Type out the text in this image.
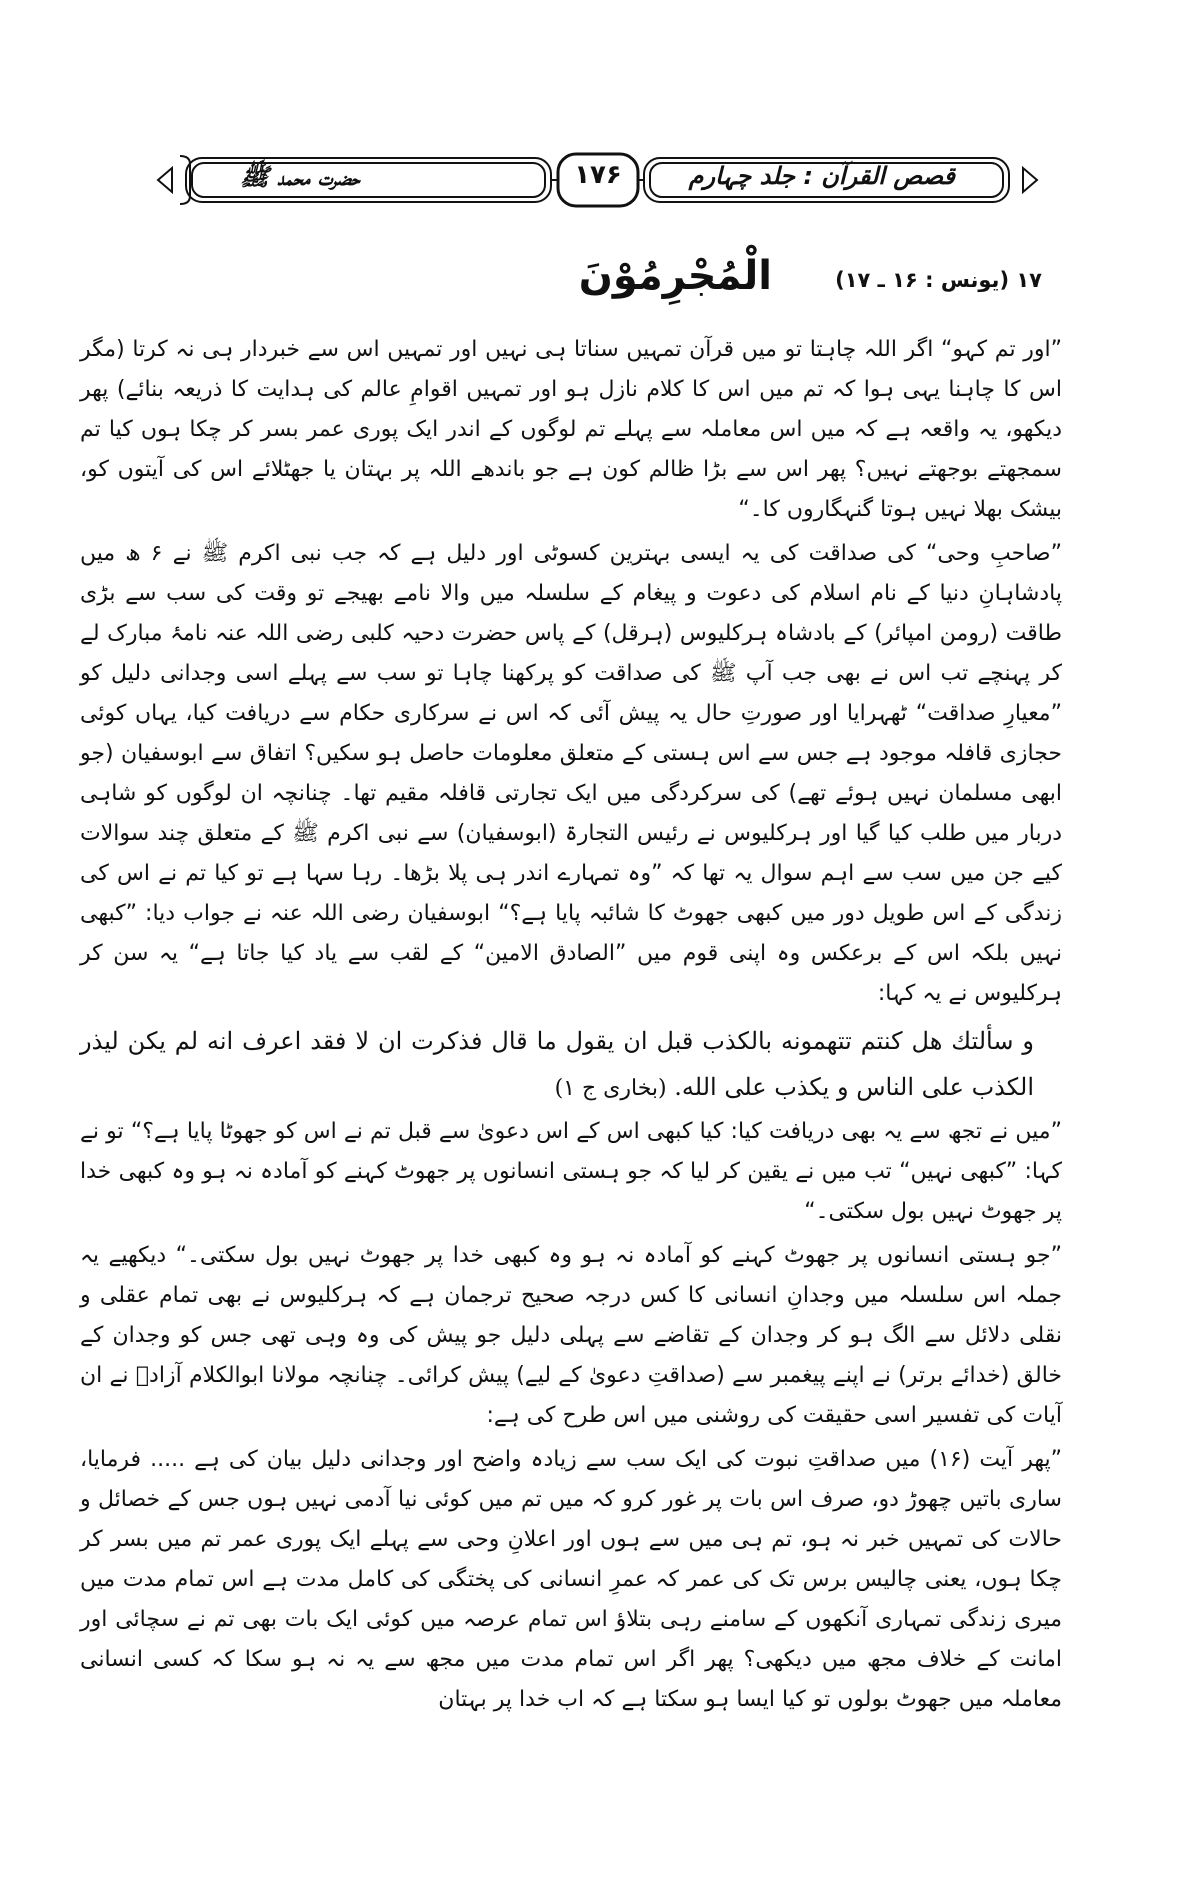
قصص القرآن : جلد چہارم
۱۷۶
حضرت محمد ﷺ
۱۷ (یونس : ۱۶ ـ ۱۷)
الْمُجْرِمُوْنَ

”اور تم کہو“ اگر اللہ چاہتا تو میں قرآن تمہیں سناتا ہی نہیں اور تمہیں اس سے خبردار ہی نہ کرتا (مگر اس کا چاہنا یہی ہوا کہ تم میں اس کا کلام نازل ہو اور تمہیں اقوامِ عالم کی ہدایت کا ذریعہ بنائے) پھر دیکھو، یہ واقعہ ہے کہ میں اس معاملہ سے پہلے تم لوگوں کے اندر ایک پوری عمر بسر کر چکا ہوں کیا تم سمجھتے بوجھتے نہیں؟ پھر اس سے بڑا ظالم کون ہے جو باندھے اللہ پر بہتان یا جھٹلائے اس کی آیتوں کو، بیشک بھلا نہیں ہوتا گنہگاروں کا۔“

”صاحبِ وحی“ کی صداقت کی یہ ایسی بہترین کسوٹی اور دلیل ہے کہ جب نبی اکرم ﷺ نے ۶ ھ میں پادشاہانِ دنیا کے نام اسلام کی دعوت و پیغام کے سلسلہ میں والا نامے بھیجے تو وقت کی سب سے بڑی طاقت (رومن امپائر) کے بادشاہ ہرکلیوس (ہرقل) کے پاس حضرت دحیہ کلبی رضی اللہ عنہ نامۂ مبارک لے کر پہنچے تب اس نے بھی جب آپ ﷺ کی صداقت کو پرکھنا چاہا تو سب سے پہلے اسی وجدانی دلیل کو ”معیارِ صداقت“ ٹھہرایا اور صورتِ حال یہ پیش آئی کہ اس نے سرکاری حکام سے دریافت کیا، یہاں کوئی حجازی قافلہ موجود ہے جس سے اس ہستی کے متعلق معلومات حاصل ہو سکیں؟ اتفاق سے ابوسفیان (جو ابھی مسلمان نہیں ہوئے تھے) کی سرکردگی میں ایک تجارتی قافلہ مقیم تھا۔ چنانچہ ان لوگوں کو شاہی دربار میں طلب کیا گیا اور ہرکلیوس نے رئیس التجارۃ (ابوسفیان) سے نبی اکرم ﷺ کے متعلق چند سوالات کیے جن میں سب سے اہم سوال یہ تھا کہ ”وہ تمہارے اندر ہی پلا بڑھا۔ رہا سہا ہے تو کیا تم نے اس کی زندگی کے اس طویل دور میں کبھی جھوٹ کا شائبہ پایا ہے؟“ ابوسفیان رضی اللہ عنہ نے جواب دیا: ”کبھی نہیں بلکہ اس کے برعکس وہ اپنی قوم میں ”الصادق الامین“ کے لقب سے یاد کیا جاتا ہے“ یہ سن کر ہرکلیوس نے یہ کہا:

و سألتك هل كنتم تتهمونه بالكذب قبل ان يقول ما قال فذكرت ان لا فقد اعرف انه لم يكن ليذر الكذب على الناس و يكذب على الله. (بخاری ج ۱)

”میں نے تجھ سے یہ بھی دریافت کیا: کیا کبھی اس کے اس دعویٰ سے قبل تم نے اس کو جھوٹا پایا ہے؟“ تو نے کہا: ”کبھی نہیں“ تب میں نے یقین کر لیا کہ جو ہستی انسانوں پر جھوٹ کہنے کو آمادہ نہ ہو وہ کبھی خدا پر جھوٹ نہیں بول سکتی۔“

”جو ہستی انسانوں پر جھوٹ کہنے کو آمادہ نہ ہو وہ کبھی خدا پر جھوٹ نہیں بول سکتی۔“ دیکھیے یہ جملہ اس سلسلہ میں وجدانِ انسانی کا کس درجہ صحیح ترجمان ہے کہ ہرکلیوس نے بھی تمام عقلی و نقلی دلائل سے الگ ہو کر وجدان کے تقاضے سے پہلی دلیل جو پیش کی وہ وہی تھی جس کو وجدان کے خالق (خدائے برتر) نے اپنے پیغمبر سے (صداقتِ دعویٰ کے لیے) پیش کرائی۔ چنانچہ مولانا ابوالکلام آزادؒ نے ان آیات کی تفسیر اسی حقیقت کی روشنی میں اس طرح کی ہے:

”پھر آیت (۱۶) میں صداقتِ نبوت کی ایک سب سے زیادہ واضح اور وجدانی دلیل بیان کی ہے ..... فرمایا، ساری باتیں چھوڑ دو، صرف اس بات پر غور کرو کہ میں تم میں کوئی نیا آدمی نہیں ہوں جس کے خصائل و حالات کی تمہیں خبر نہ ہو، تم ہی میں سے ہوں اور اعلانِ وحی سے پہلے ایک پوری عمر تم میں بسر کر چکا ہوں، یعنی چالیس برس تک کی عمر کہ عمرِ انسانی کی پختگی کی کامل مدت ہے اس تمام مدت میں میری زندگی تمہاری آنکھوں کے سامنے رہی بتلاؤ اس تمام عرصہ میں کوئی ایک بات بھی تم نے سچائی اور امانت کے خلاف مجھ میں دیکھی؟ پھر اگر اس تمام مدت میں مجھ سے یہ نہ ہو سکا کہ کسی انسانی معاملہ میں جھوٹ بولوں تو کیا ایسا ہو سکتا ہے کہ اب خدا پر بہتان
